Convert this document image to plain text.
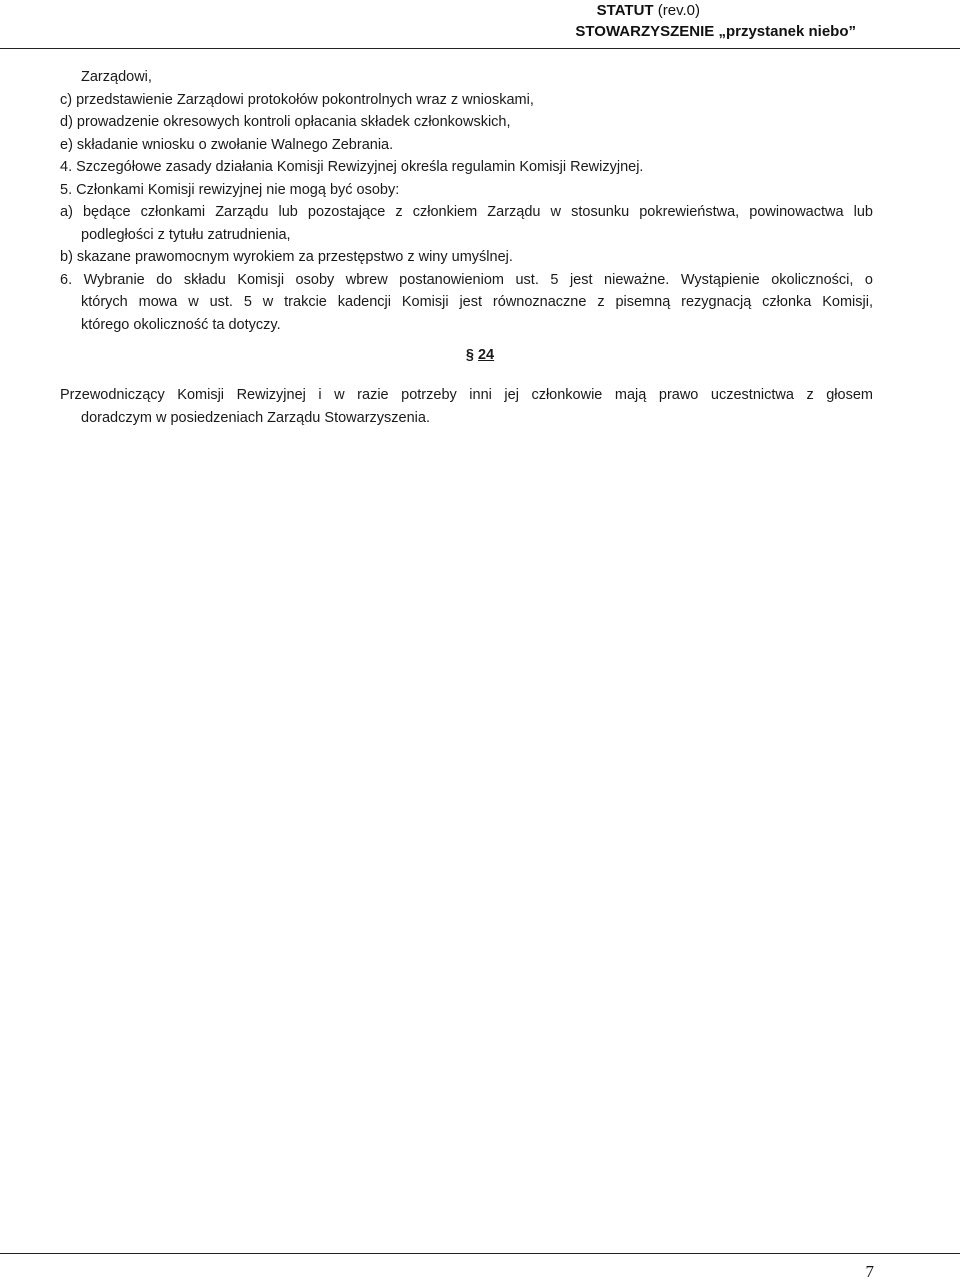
STATUT (rev.0)
STOWARZYSZENIE „przystanek niebo”
Zarządowi,
c) przedstawienie Zarządowi protokołów pokontrolnych wraz z wnioskami,
d) prowadzenie okresowych kontroli opłacania składek członkowskich,
e) składanie wniosku o zwołanie Walnego Zebrania.
4. Szczegółowe zasady działania Komisji Rewizyjnej określa regulamin Komisji Rewizyjnej.
5. Członkami Komisji rewizyjnej nie mogą być osoby:
a) będące członkami Zarządu lub pozostające z członkiem Zarządu w stosunku pokrewieństwa, powinowactwa lub
podległości z tytułu zatrudnienia,
b) skazane prawomocnym wyrokiem za przestępstwo z winy umyślnej.
6. Wybranie do składu Komisji osoby wbrew postanowieniom ust. 5 jest nieważne. Wystąpienie okoliczności, o
których mowa w ust. 5 w trakcie kadencji Komisji jest równoznaczne z pisemną rezygnacją członka Komisji,
którego okoliczność ta dotyczy.
§ 24
Przewodniczący Komisji Rewizyjnej i w razie potrzeby inni jej członkowie mają prawo uczestnictwa z głosem
doradczym w posiedzeniach Zarządu Stowarzyszenia.
7
